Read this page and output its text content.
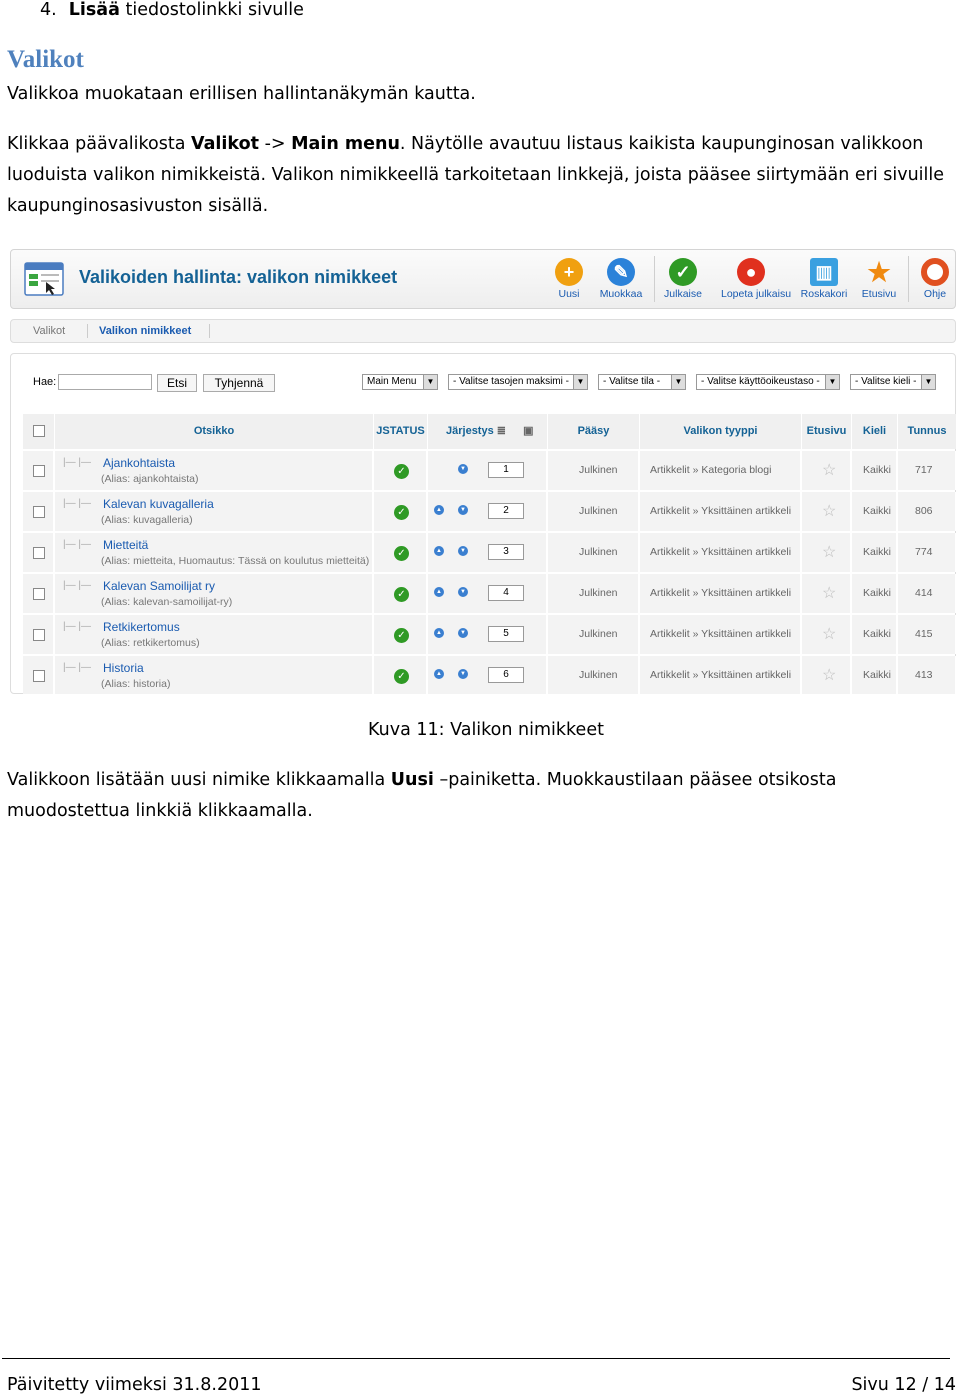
4. Lisää tiedostolinkki sivulle
Valikot
Valikkoa muokataan erillisen hallintanäkymän kautta.
Klikkaa päävalikosta Valikot -> Main menu. Näytölle avautuu listaus kaikista kaupunginosan valikkoon luoduista valikon nimikkeistä. Valikon nimikkeellä tarkoitetaan linkkejä, joista pääsee siirtymään eri sivuille kaupunginosasivuston sisällä.
Valikoiden hallinta: valikon nimikkeet	+
Uusi
✎
Muokkaa
✓
Julkaise
●
Lopeta julkaisu
▥
Roskakori
★
Etusivu	Ohje
Valikot	Valikon nimikkeet
Hae:	Etsi	Tyhjennä	Main Menu	▼	- Valitse tasojen maksimi - ▼	- Valitse tila -	▼	- Valitse käyttöoikeustaso -	▼	- Valitse kieli -	▼
Otsikko	JSTATUS	Järjestys ≣ ▣	Pääsy	Valikon tyyppi	Etusivu	Kieli	Tunnus
|— |— Ajankohtaista
(Alias: ajankohtaista)
✓	▼	1	Julkinen	Artikkelit » Kategoria blogi	☆	Kaikki 717
|— |— Kalevan kuvagalleria
(Alias: kuvagalleria)
✓	▲	▼	2	Julkinen	Artikkelit » Yksittäinen artikkeli ☆	Kaikki 806
|— |— Mietteitä
(Alias: mietteita, Huomautus: Tässä on koulutus mietteitä)
✓	▲	▼	3	Julkinen	Artikkelit » Yksittäinen artikkeli ☆	Kaikki 774
|— |— Kalevan Samoilijat ry
(Alias: kalevan-samoilijat-ry)
✓	▲	▼	4	Julkinen	Artikkelit » Yksittäinen artikkeli ☆	Kaikki 414
|— |— Retkikertomus
(Alias: retkikertomus)
✓	▲	▼	5	Julkinen	Artikkelit » Yksittäinen artikkeli ☆	Kaikki 415
|— |— Historia
(Alias: historia)
✓	▲	▼	6	Julkinen	Artikkelit » Yksittäinen artikkeli ☆	Kaikki 413
Kuva 11: Valikon nimikkeet
Valikkoon lisätään uusi nimike klikkaamalla Uusi –painiketta. Muokkaustilaan pääsee otsikosta muodostettua linkkiä klikkaamalla.
Päivitetty viimeksi 31.8.2011	Sivu 12 / 14
